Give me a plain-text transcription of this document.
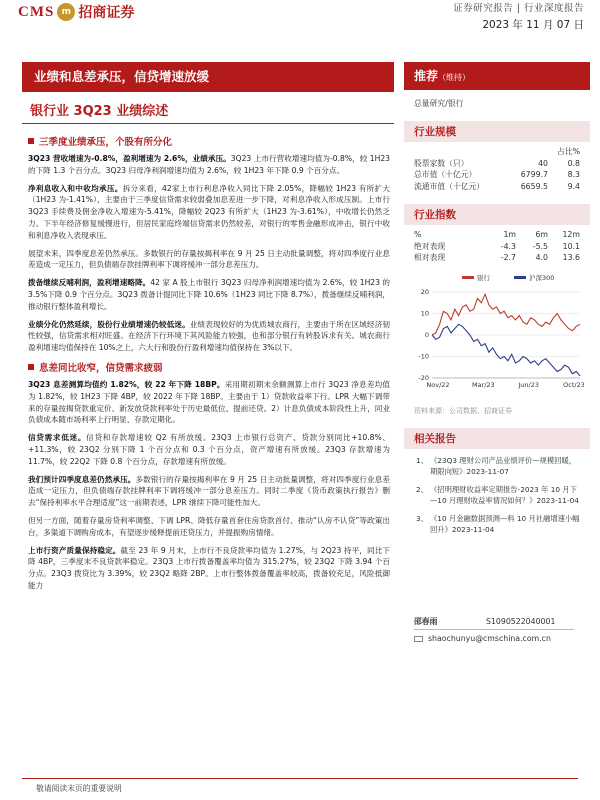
CMS m 招商证券	证券研究报告 | 行业深度报告
2023 年 11 月 07 日
业绩和息差承压，信贷增速放缓
银行业 3Q23 业绩综述
三季度业绩承压，个股有所分化
3Q23 营收增速为-0.8%，盈利增速为 2.6%，业绩承压。3Q23 上市行营收增速均值为-0.8%，较 1H23 的下降 1.3 个百分点。3Q23 归母净利润增速均值为 2.6%，较 1H23 年下降 0.9 个百分点。
净利息收入和中收均承压。拆分来看，42家上市行利息净收入同比下降 2.05%，降幅较 1H23 有所扩大（1H23 为-1.41%），主要由于三季度信贷需求较弱叠加息差进一步下降，对利息净收入形成压制。上市行 3Q23 手续费及佣金净收入增速为-5.41%，降幅较 2Q23 有所扩大（1H23 为-3.61%），中收增长仍然乏力。下半年经济修复缓慢进行，但居民家庭终端信贷需求仍然较差，对银行的零售金融形成冲击，银行中收和利息净收入表现承压。
展望未来，四季度息差仍然承压。多数银行的存量按揭利率在 9 月 25 日主动批量调整，将对四季度行业息差造成一定压力，但负债端存款挂牌利率下调将缓冲一部分息差压力。
拨备继续反哺利润，盈利增速略降。42 家 A 股上市银行 3Q23 归母净利润增速均值为 2.6%，较 1H23 的 3.5%下降 0.9 个百分点。3Q23 拨备计提同比下降 10.6%（1H23 同比下降 8.7%），拨备继续反哺利润，推动银行整体盈利增长。
业绩分化仍然延续，股份行业绩增速仍较低迷。业绩表现较好的为优质城农商行，主要由于所在区域经济韧性较强，信贷需求相对旺盛。在经济下行环境下其风险能力较强，也和部分银行有转股诉求有关。城农商行盈利增速均值保持在 10%之上，六大行和股份行盈利增速均值保持在 3%以下。
息差同比收窄，信贷需求疲弱
3Q23 息差测算均值约 1.82%，较 22 年下降 18BP。采用期初期末余额测算上市行 3Q23 净息差均值为 1.82%，较 1H23 下降 4BP，较 2022 年下降 18BP。主要由于 1）贷款收益率下行。LPR 大幅下调带来的存量按揭贷款重定价、新发放贷款利率处于历史最低位、提前还贷。2）计息负债成本阶段性上升，同业负债成本随市场利率上行明显、存款定期化。
信贷需求低迷。信贷和存款增速较 Q2 有所放缓。23Q3 上市银行总资产、贷款分别同比+10.8%、+11.3%，较 23Q2 分别下降 1 个百分点和 0.3 个百分点，资产增速有所放缓。23Q3 存款增速为 11.7%，较 22Q2 下降 0.8 个百分点，存款增速有所放缓。
我们预计四季度息差仍然承压。多数银行的存量按揭利率在 9 月 25 日主动批量调整，将对四季度行业息差造成一定压力，但负债端存款挂牌利率下调将缓冲一部分息差压力。同时二季度《货币政策执行报告》删去“保持利率水平合理适度”这一前期表述，LPR 继续下降可能性加大。
但另一方面，随着存量房贷利率调整、下调 LPR、降低存量首套住房贷款首付、推动“认房不认贷”等政策出台，多渠道下调购房成本，有望逐步缓释提前还贷压力，并提振购房情绪。
上市行资产质量保持稳定。截至 23 年 9 月末，上市行不良贷款率均值为 1.27%，与 2Q23 持平，同比下降 4BP，三季度末不良贷款率稳定。23Q3 上市行拨备覆盖率均值为 315.27%，较 23Q2 下降 3.94 个百分点。23Q3 拨贷比为 3.39%，较 23Q2 略降 2BP。上市行整体拨备覆盖率较高，拨备较充足，风险抵御能力
推荐（维持）
总量研究/银行
行业规模
占比%
股票家数（只）	40	0.8
总市值（十亿元）	6799.7	8.3
流通市值（十亿元）	6659.5	9.4
行业指数
%	1m	6m	12m
绝对表现	-4.3	-5.5	10.1
相对表现	-2.7	4.0	13.6
银行	沪深300
20
10
0
-10
-20
Nov/22	Mar/23	Jun/23	Oct/23
资料来源：公司数据、招商证券
相关报告
1、 《23Q3 理财公司产品业绩评价—规模回暖，期限向短》2023-11-07
2、 《招明理财收益率定期报告-2023 年 10 月下—10 月理财收益率情况如何？》2023-11-04
3、 《10 月金融数据预测—料 10 月社融增速小幅回升》2023-11-04
邵春雨	S1090522040001
shaochunyu@cmschina.com.cn
敬请阅读末页的重要说明
